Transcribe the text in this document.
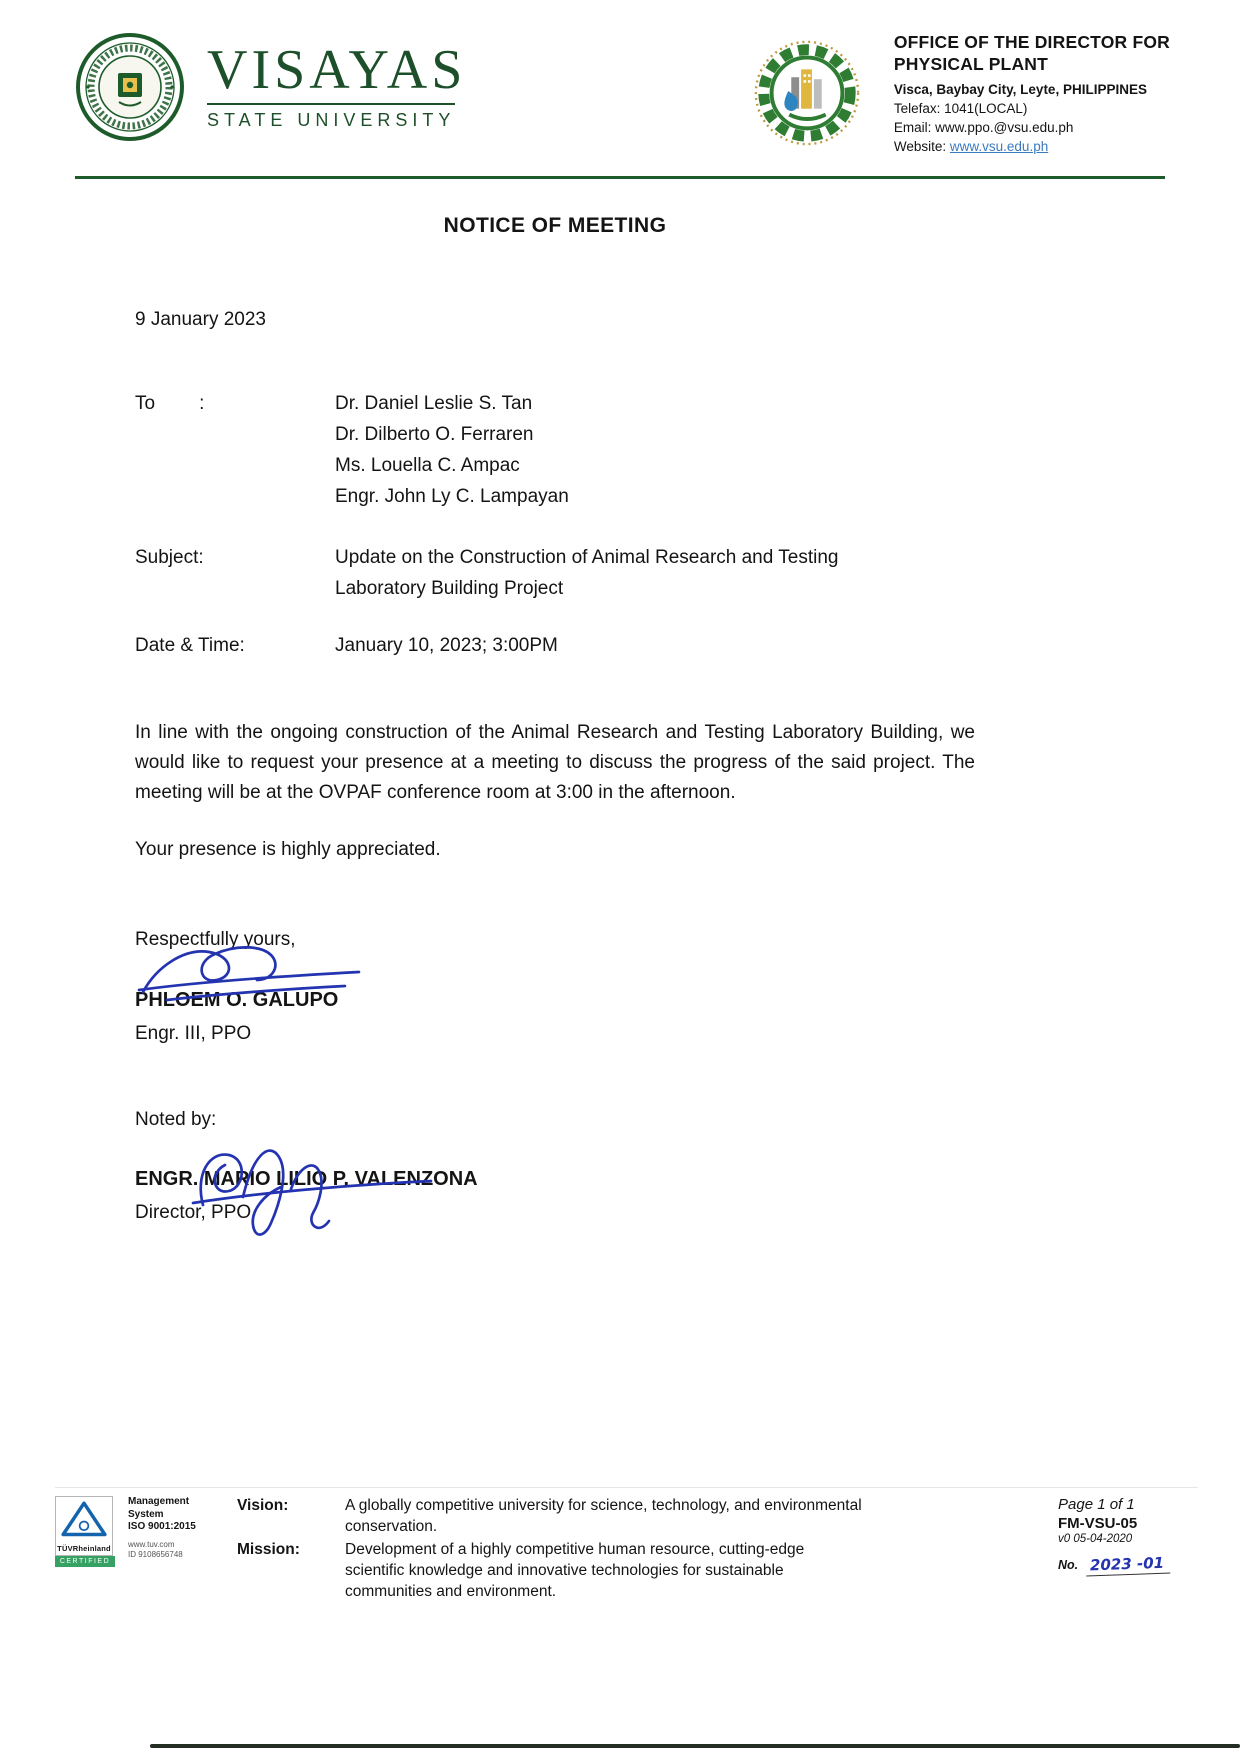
VISAYAS
STATE UNIVERSITY
OFFICE OF THE DIRECTOR FOR
PHYSICAL PLANT
Visca, Baybay City, Leyte, PHILIPPINES
Telefax: 1041(LOCAL)
Email: www.ppo.@vsu.edu.ph
Website: www.vsu.edu.ph
NOTICE OF MEETING

9 January 2023

To :	Dr. Daniel Leslie S. Tan
Dr. Dilberto O. Ferraren
Ms. Louella C. Ampac
Engr. John Ly C. Lampayan
Subject:	Update on the Construction of Animal Research and Testing
Laboratory Building Project
Date & Time:	January 10, 2023; 3:00PM

In line with the ongoing construction of the Animal Research and Testing Laboratory Building, we would like to request your presence at a meeting to discuss the progress of the said project. The meeting will be at the OVPAF conference room at 3:00 in the afternoon.

Your presence is highly appreciated.

Respectfully yours,

PHLOEM O. GALUPO
Engr. III, PPO

Noted by:

ENGR. MARIO LILIO P. VALENZONA
Director, PPO
TÜVRheinland
CERTIFIED
Management
System
ISO 9001:2015
www.tuv.com
ID 9108656748
Vision:	A globally competitive university for science, technology, and environmental conservation.
Mission:	Development of a highly competitive human resource, cutting-edge scientific knowledge and innovative technologies for sustainable communities and environment.
Page 1 of 1
FM-VSU-05
v0 05-04-2020
No. 2023 -01
